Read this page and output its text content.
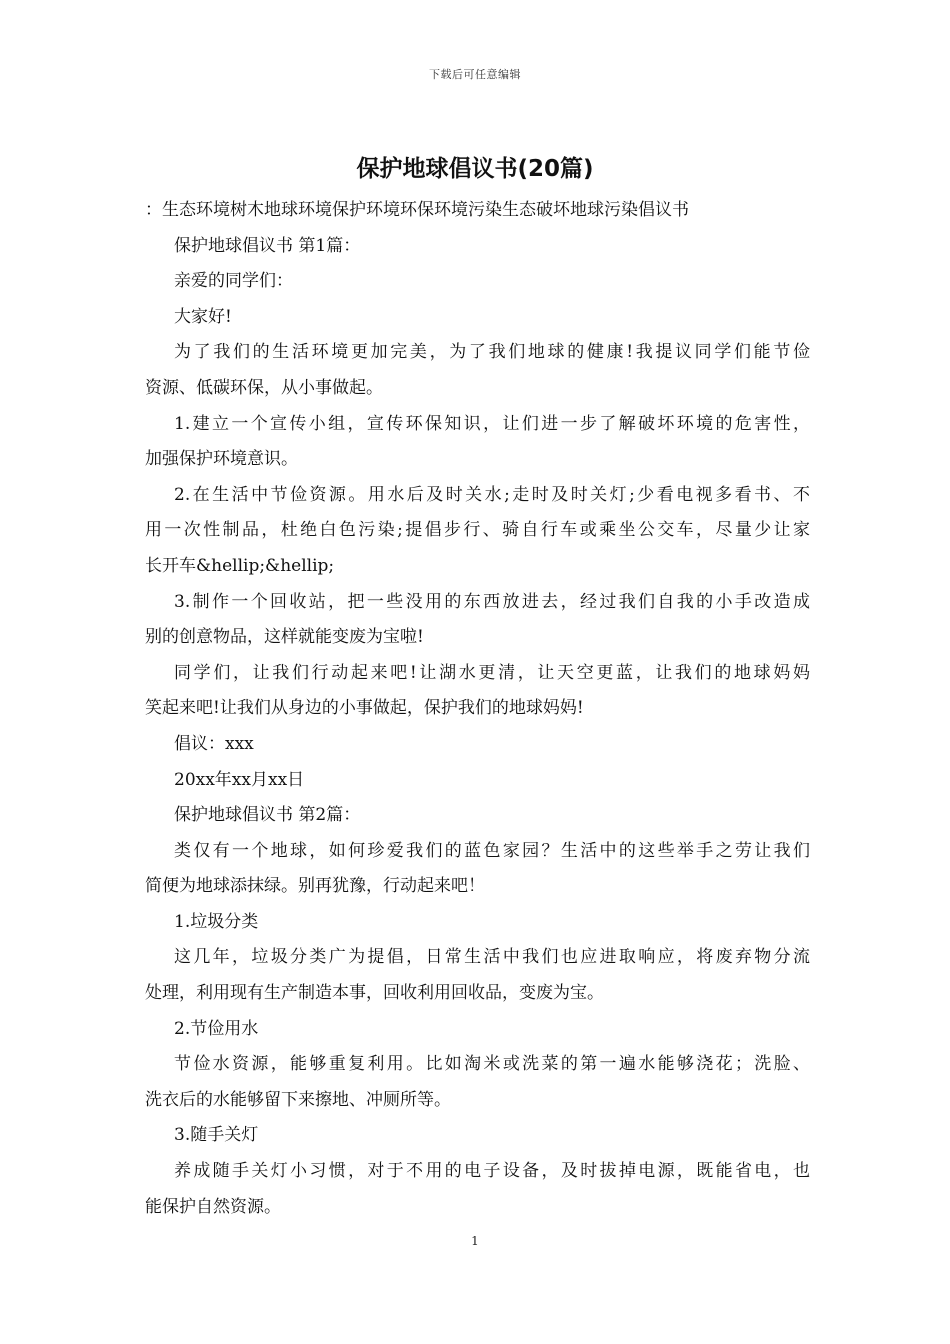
下载后可任意编辑
保护地球倡议书(20篇)
：生态环境树木地球环境保护环境环保环境污染生态破坏地球污染倡议书
保护地球倡议书 第1篇：
亲爱的同学们：
大家好!
为了我们的生活环境更加完美，为了我们地球的健康!我提议同学们能节俭
资源、低碳环保，从小事做起。
1.建立一个宣传小组，宣传环保知识，让们进一步了解破坏环境的危害性，
加强保护环境意识。
2.在生活中节俭资源。用水后及时关水;走时及时关灯;少看电视多看书、不
用一次性制品，杜绝白色污染;提倡步行、骑自行车或乘坐公交车，尽量少让家
长开车&hellip;&hellip;
3.制作一个回收站，把一些没用的东西放进去，经过我们自我的小手改造成
别的创意物品，这样就能变废为宝啦!
同学们，让我们行动起来吧!让湖水更清，让天空更蓝，让我们的地球妈妈
笑起来吧!让我们从身边的小事做起，保护我们的地球妈妈!
倡议：xxx
20xx年xx月xx日
保护地球倡议书 第2篇：
类仅有一个地球，如何珍爱我们的蓝色家园？生活中的这些举手之劳让我们
简便为地球添抹绿。别再犹豫，行动起来吧！
1.垃圾分类
这几年，垃圾分类广为提倡，日常生活中我们也应进取响应，将废弃物分流
处理，利用现有生产制造本事，回收利用回收品，变废为宝。
2.节俭用水
节俭水资源，能够重复利用。比如淘米或洗菜的第一遍水能够浇花；洗脸、
洗衣后的水能够留下来擦地、冲厕所等。
3.随手关灯
养成随手关灯小习惯，对于不用的电子设备，及时拔掉电源，既能省电，也
能保护自然资源。
1
